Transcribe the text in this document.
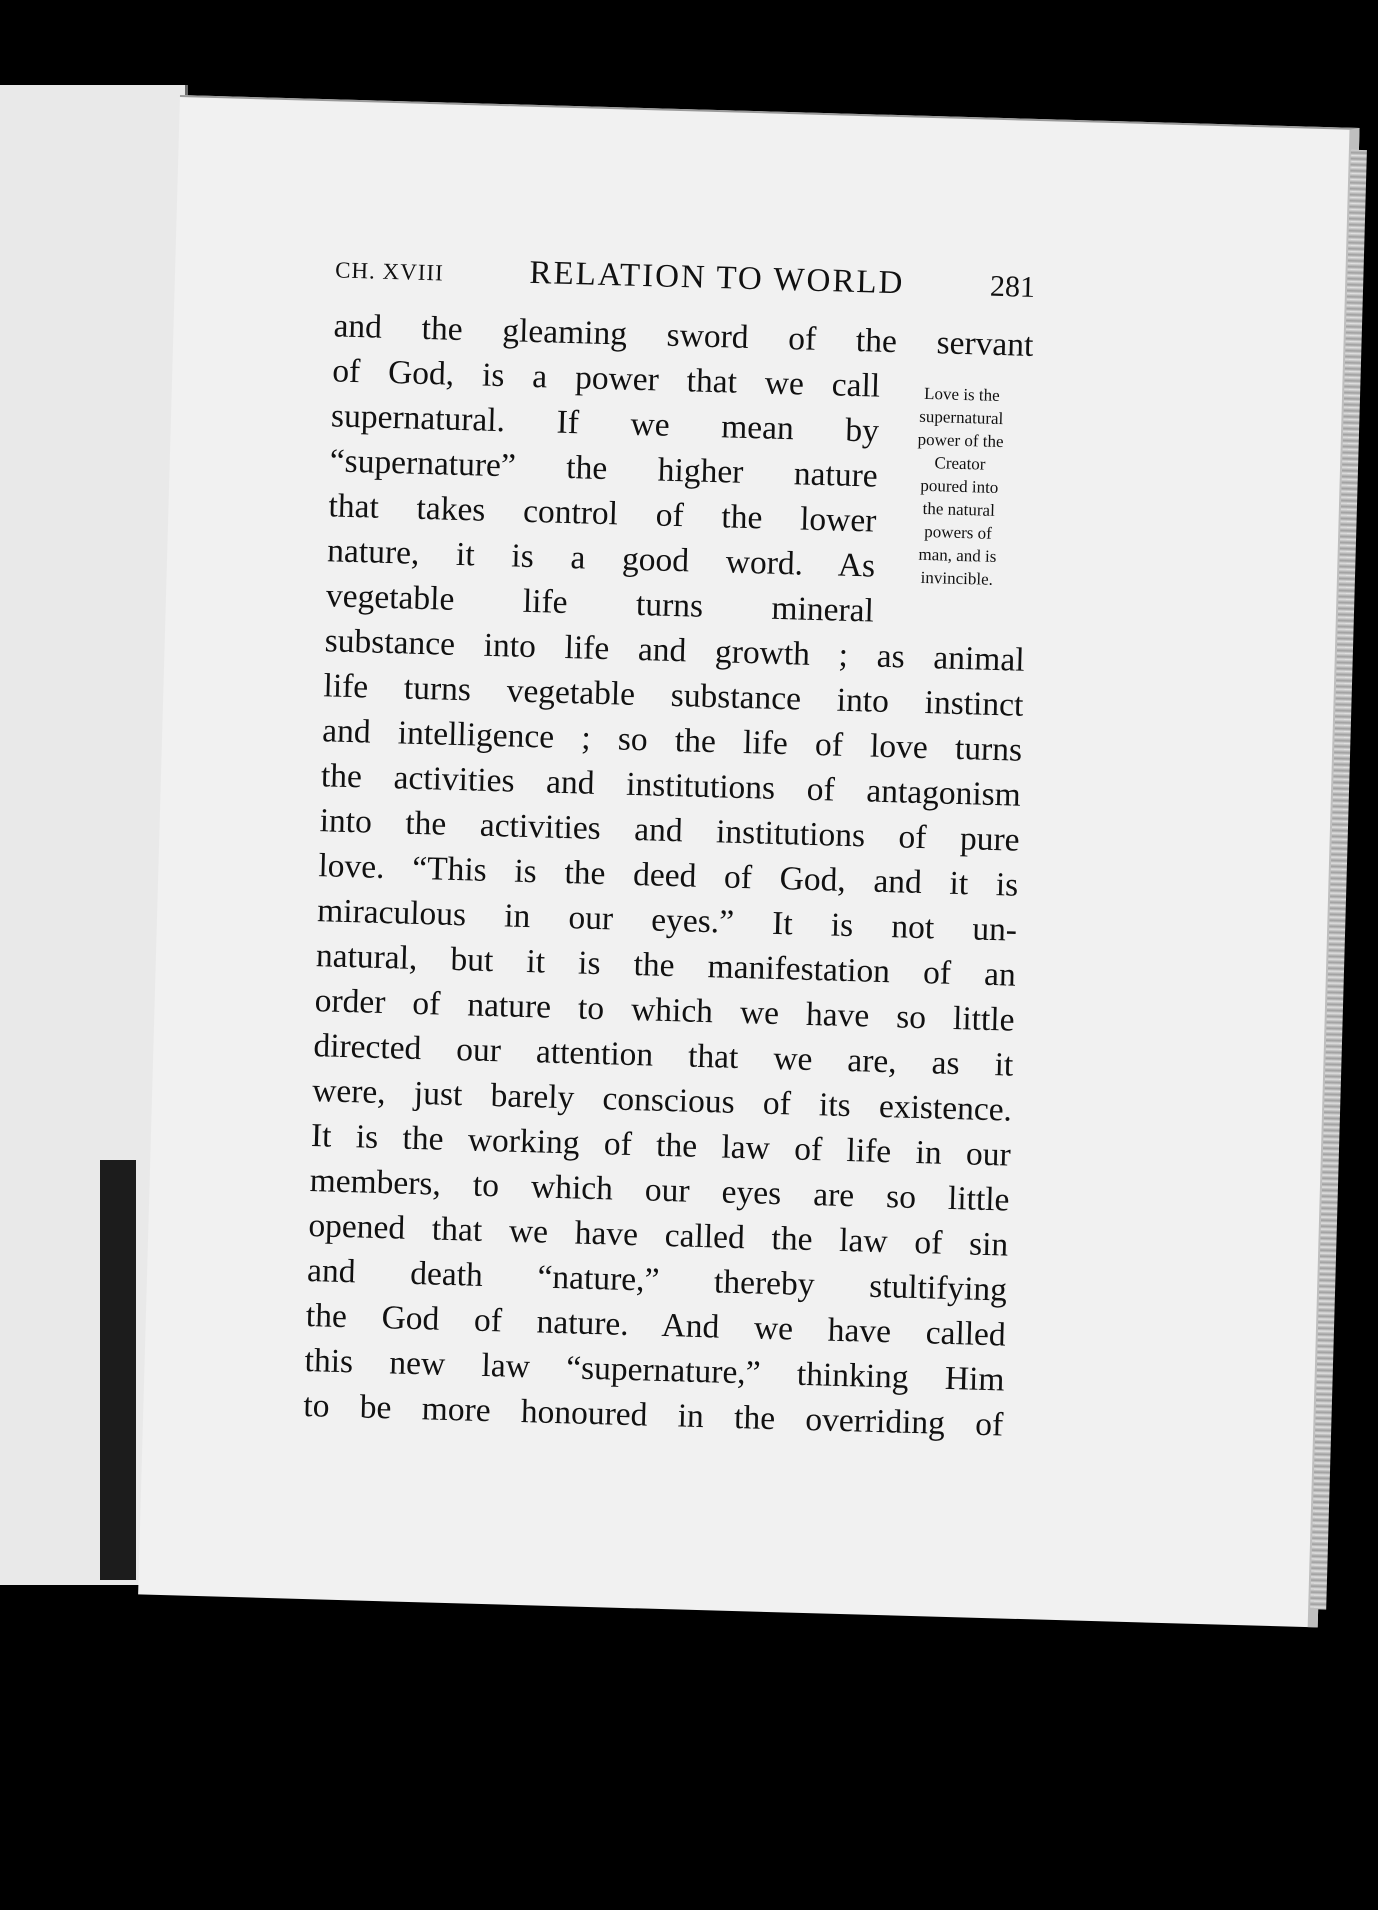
CH. XVIII	RELATION TO WORLD	281
and the gleaming sword of the servant
of God, is a power that we call
supernatural. If we mean by
“supernature” the higher nature
that takes control of the lower
nature, it is a good word. As
vegetable life turns mineral
substance into life and growth ; as animal
life turns vegetable substance into instinct
and intelligence ; so the life of love turns
the activities and institutions of antagonism
into the activities and institutions of pure
love. “This is the deed of God, and it is
miraculous in our eyes.” It is not un-
natural, but it is the manifestation of an
order of nature to which we have so little
directed our attention that we are, as it
were, just barely conscious of its existence.
It is the working of the law of life in our
members, to which our eyes are so little
opened that we have called the law of sin
and death “nature,” thereby stultifying
the God of nature. And we have called
this new law “supernature,” thinking Him
to be more honoured in the overriding of
Love is the
supernatural
power of the
Creator
poured into
the natural
powers of
man, and is
invincible.
